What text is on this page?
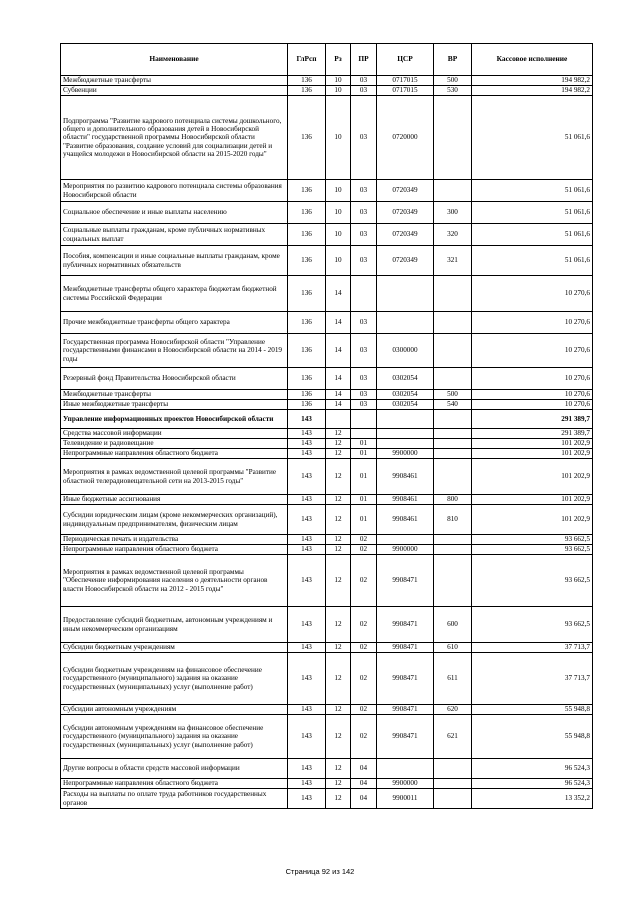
Наименование	ГлРсп	Рз	ПР	ЦСР	ВР	Кассовое исполнение
Межбюджетные трансферты	136	10	03	0717015	500	194 982,2
Субвенции	136	10	03	0717015	530	194 982,2
Подпрограмма "Развитие кадрового потенциала системы дошкольного, общего и дополнительного образования детей в Новосибирской области" государственной программы Новосибирской области "Развитие образования, создание условий для социализации детей и учащейся молодежи в Новосибирской области на 2015-2020 годы"	136	10	03	0720000		51 061,6
Мероприятия по развитию кадрового потенциала системы образования Новосибирской области	136	10	03	0720349		51 061,6
Социальное обеспечение и иные выплаты населению	136	10	03	0720349	300	51 061,6
Социальные выплаты гражданам, кроме публичных нормативных социальных выплат	136	10	03	0720349	320	51 061,6
Пособия, компенсации и иные социальные выплаты гражданам, кроме публичных нормативных обязательств	136	10	03	0720349	321	51 061,6
Межбюджетные трансферты общего характера бюджетам бюджетной системы Российской Федерации	136	14				10 270,6
Прочие межбюджетные трансферты общего характера	136	14	03			10 270,6
Государственная программа Новосибирской области "Управление государственными финансами в Новосибирской области на 2014 - 2019 годы	136	14	03	0300000		10 270,6
Резервный фонд Правительства Новосибирской области	136	14	03	0302054		10 270,6
Межбюджетные трансферты	136	14	03	0302054	500	10 270,6
Иные межбюджетные трансферты	136	14	03	0302054	540	10 270,6
Управление информационных проектов Новосибирской области	143					291 389,7
Средства массовой информации	143	12				291 389,7
Телевидение и радиовещание	143	12	01			101 202,9
Непрограммные направления областного бюджета	143	12	01	9900000		101 202,9
Мероприятия в рамках ведомственной целевой программы "Развитие областной телерадиовещательной сети на 2013-2015 годы"	143	12	01	9908461		101 202,9
Иные бюджетные ассигнования	143	12	01	9908461	800	101 202,9
Субсидии юридическим лицам (кроме некоммерческих организаций), индивидуальным предпринимателям, физическим лицам	143	12	01	9908461	810	101 202,9
Периодическая печать и издательства	143	12	02			93 662,5
Непрограммные направления областного бюджета	143	12	02	9900000		93 662,5
Мероприятия в рамках ведомственной целевой программы "Обеспечение информирования населения о деятельности органов власти Новосибирской области на 2012 - 2015 годы"	143	12	02	9908471		93 662,5
Предоставление субсидий бюджетным, автономным учреждениям и иным некоммерческим организациям	143	12	02	9908471	600	93 662,5
Субсидии бюджетным учреждениям	143	12	02	9908471	610	37 713,7
Субсидии бюджетным учреждениям на финансовое обеспечение государственного (муниципального) задания на оказание государственных (муниципальных) услуг (выполнение работ)	143	12	02	9908471	611	37 713,7
Субсидии автономным учреждениям	143	12	02	9908471	620	55 948,8
Субсидии автономным учреждениям на финансовое обеспечение государственного (муниципального) задания на оказание государственных (муниципальных) услуг (выполнение работ)	143	12	02	9908471	621	55 948,8
Другие вопросы в области средств массовой информации	143	12	04			96 524,3
Непрограммные направления областного бюджета	143	12	04	9900000		96 524,3
Расходы на выплаты по оплате труда работников государственных органов	143	12	04	9900011		13 352,2
Страница 92 из 142
